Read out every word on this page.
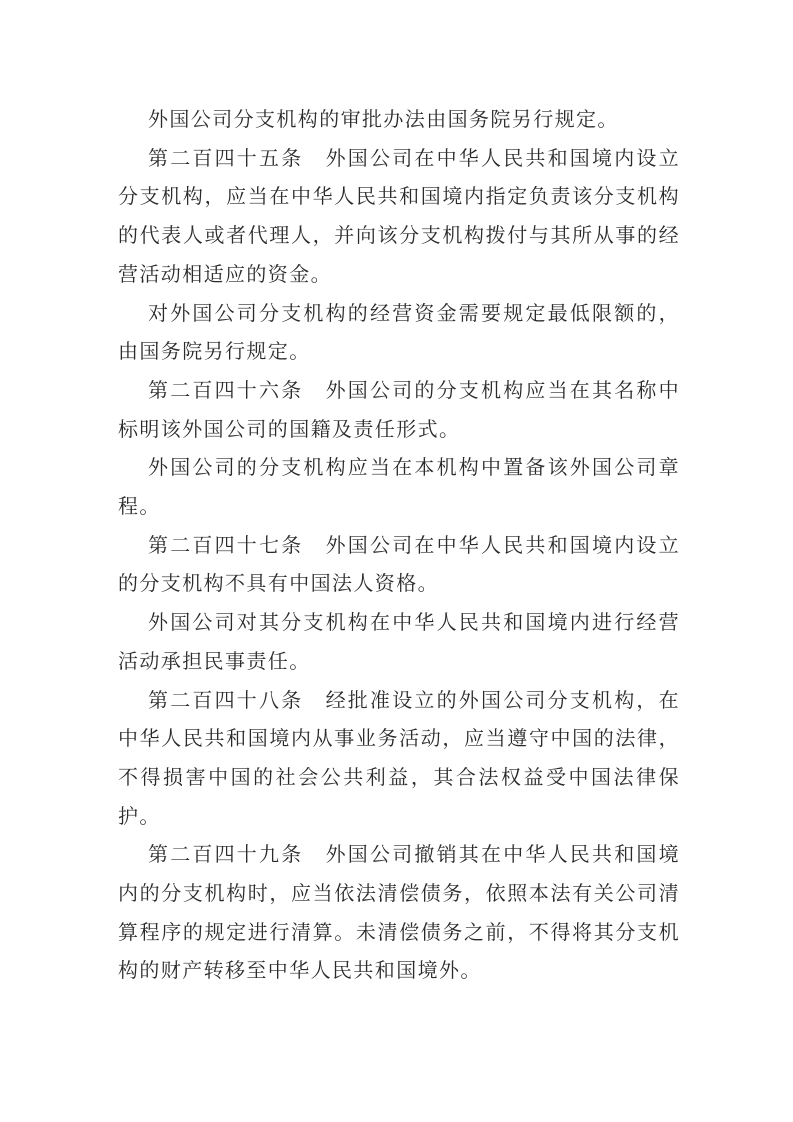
外国公司分支机构的审批办法由国务院另行规定。

第二百四十五条　外国公司在中华人民共和国境内设立分支机构，应当在中华人民共和国境内指定负责该分支机构的代表人或者代理人，并向该分支机构拨付与其所从事的经营活动相适应的资金。

对外国公司分支机构的经营资金需要规定最低限额的，由国务院另行规定。

第二百四十六条　外国公司的分支机构应当在其名称中标明该外国公司的国籍及责任形式。

外国公司的分支机构应当在本机构中置备该外国公司章程。

第二百四十七条　外国公司在中华人民共和国境内设立的分支机构不具有中国法人资格。

外国公司对其分支机构在中华人民共和国境内进行经营活动承担民事责任。

第二百四十八条　经批准设立的外国公司分支机构，在中华人民共和国境内从事业务活动，应当遵守中国的法律，不得损害中国的社会公共利益，其合法权益受中国法律保护。

第二百四十九条　外国公司撤销其在中华人民共和国境内的分支机构时，应当依法清偿债务，依照本法有关公司清算程序的规定进行清算。未清偿债务之前，不得将其分支机构的财产转移至中华人民共和国境外。
